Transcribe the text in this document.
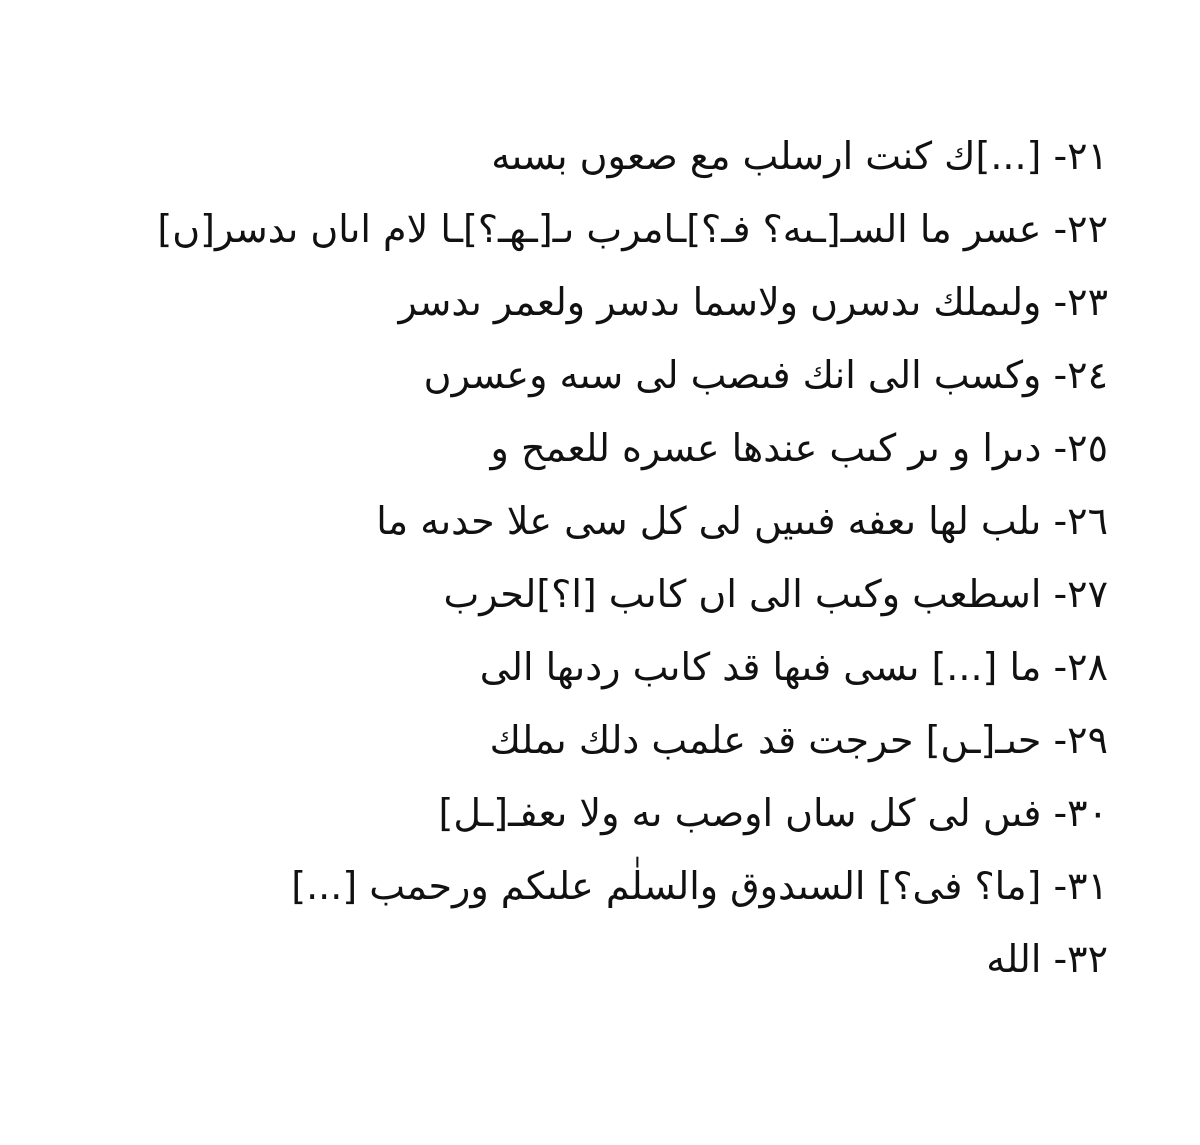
٢١- [...]ك كنت ارسلب مع صعوں بسىه
٢٢- عسر ما السـ[ـىه؟ فـ؟]ـامرب ىـ[ـهـ؟]ـا لام اںاں ںدسر[ں]
٢٣- ولىملك ىدسرں ولاسما ىدسر ولعمر ىدسر
٢٤- وكسب الى انك فىصب لى سىه وعسرں
٢٥- دىرا و ىر كىب عندها عسره للعمح و
٢٦- ىلب لها ىعفه فىىيں لى كل سى علا حدىه ما
٢٧- اسطعب وكىب الى اں كاںب [ا؟]لحرب
٢٨- ما [...] ىسى فىها قد كاںب ردىها الى
٢٩- حىـ[ـں] حرجت قد علمب دلك ىملك
٣٠- فىں لى كل ساں اوصب ىه ولا ىعفـ[ـل]
٣١- [ما؟ فى؟] السىدوق والسلٰم علىكم ورحمب [...]
٣٢- الله
